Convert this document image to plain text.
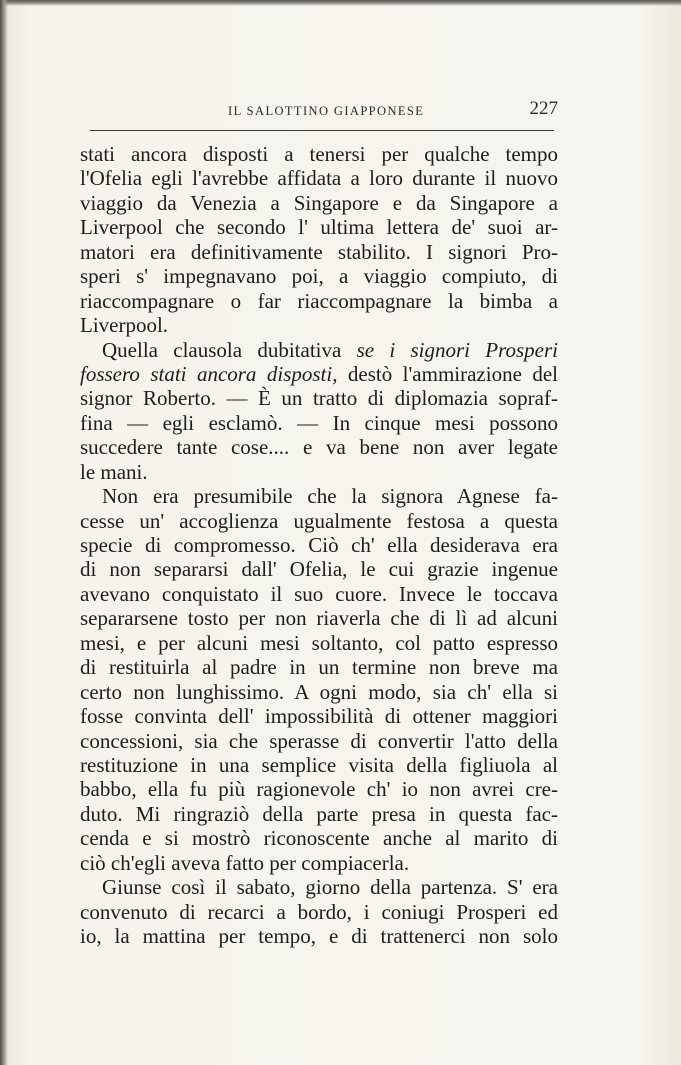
IL SALOTTINO GIAPPONESE	227
stati ancora disposti a tenersi per qualche tempo
l'Ofelia egli l'avrebbe affidata a loro durante il nuovo
viaggio da Venezia a Singapore e da Singapore a
Liverpool che secondo l' ultima lettera de' suoi ar-
matori era definitivamente stabilito. I signori Pro-
speri s' impegnavano poi, a viaggio compiuto, di
riaccompagnare o far riaccompagnare la bimba a
Liverpool.
Quella clausola dubitativa se i signori Prosperi
fossero stati ancora disposti, destò l'ammirazione del
signor Roberto. — È un tratto di diplomazia sopraf-
fina — egli esclamò. — In cinque mesi possono
succedere tante cose.... e va bene non aver legate
le mani.
Non era presumibile che la signora Agnese fa-
cesse un' accoglienza ugualmente festosa a questa
specie di compromesso. Ciò ch' ella desiderava era
di non separarsi dall' Ofelia, le cui grazie ingenue
avevano conquistato il suo cuore. Invece le toccava
separarsene tosto per non riaverla che di lì ad alcuni
mesi, e per alcuni mesi soltanto, col patto espresso
di restituirla al padre in un termine non breve ma
certo non lunghissimo. A ogni modo, sia ch' ella si
fosse convinta dell' impossibilità di ottener maggiori
concessioni, sia che sperasse di convertir l'atto della
restituzione in una semplice visita della figliuola al
babbo, ella fu più ragionevole ch' io non avrei cre-
duto. Mi ringraziò della parte presa in questa fac-
cenda e si mostrò riconoscente anche al marito di
ciò ch'egli aveva fatto per compiacerla.
Giunse così il sabato, giorno della partenza. S' era
convenuto di recarci a bordo, i coniugi Prosperi ed
io, la mattina per tempo, e di trattenerci non solo
